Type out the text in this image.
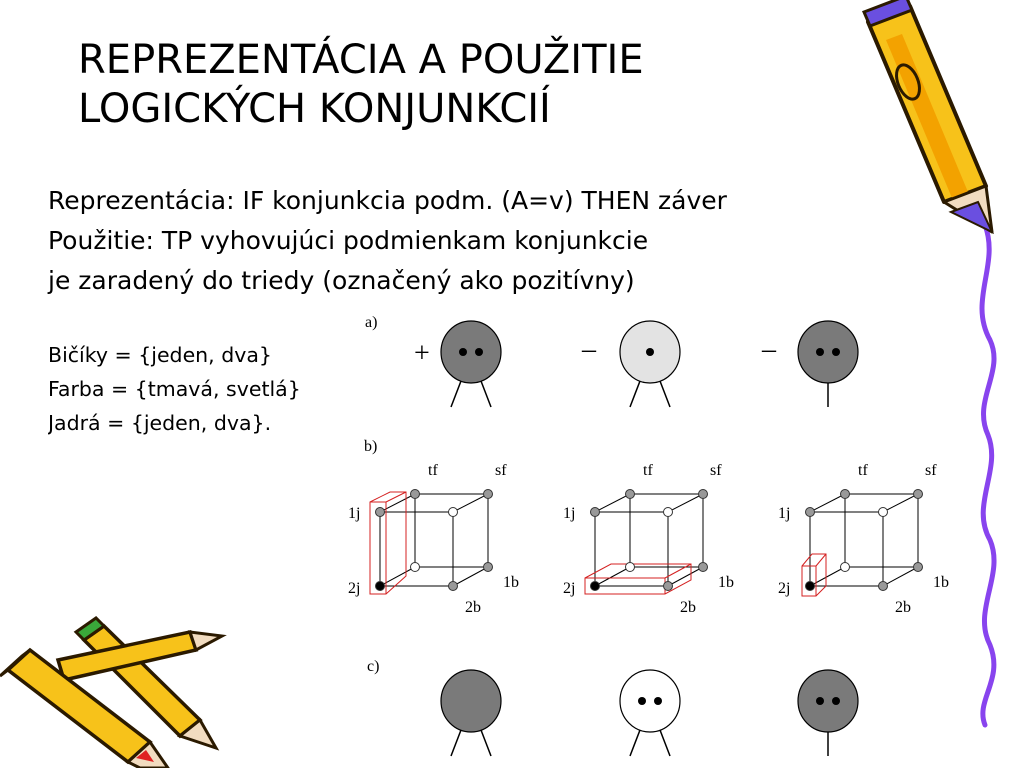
REPREZENTÁCIA A POUŽITIE
LOGICKÝCH KONJUNKCIÍ
Reprezentácia: IF konjunkcia podm. (A=v) THEN záver
Použitie: TP vyhovujúci podmienkam konjunkcie
je zaradený do triedy (označený ako pozitívny)
Bičíky = {jeden, dva}
Farba = {tmavá, svetlá}
Jadrá = {jeden, dva}.
a)
b)
c)
+	–	–
tf	sf
1j
2j	1b
2b
tf	sf
1j
2j	1b
2b
tf	sf
1j
2j	1b
2b
